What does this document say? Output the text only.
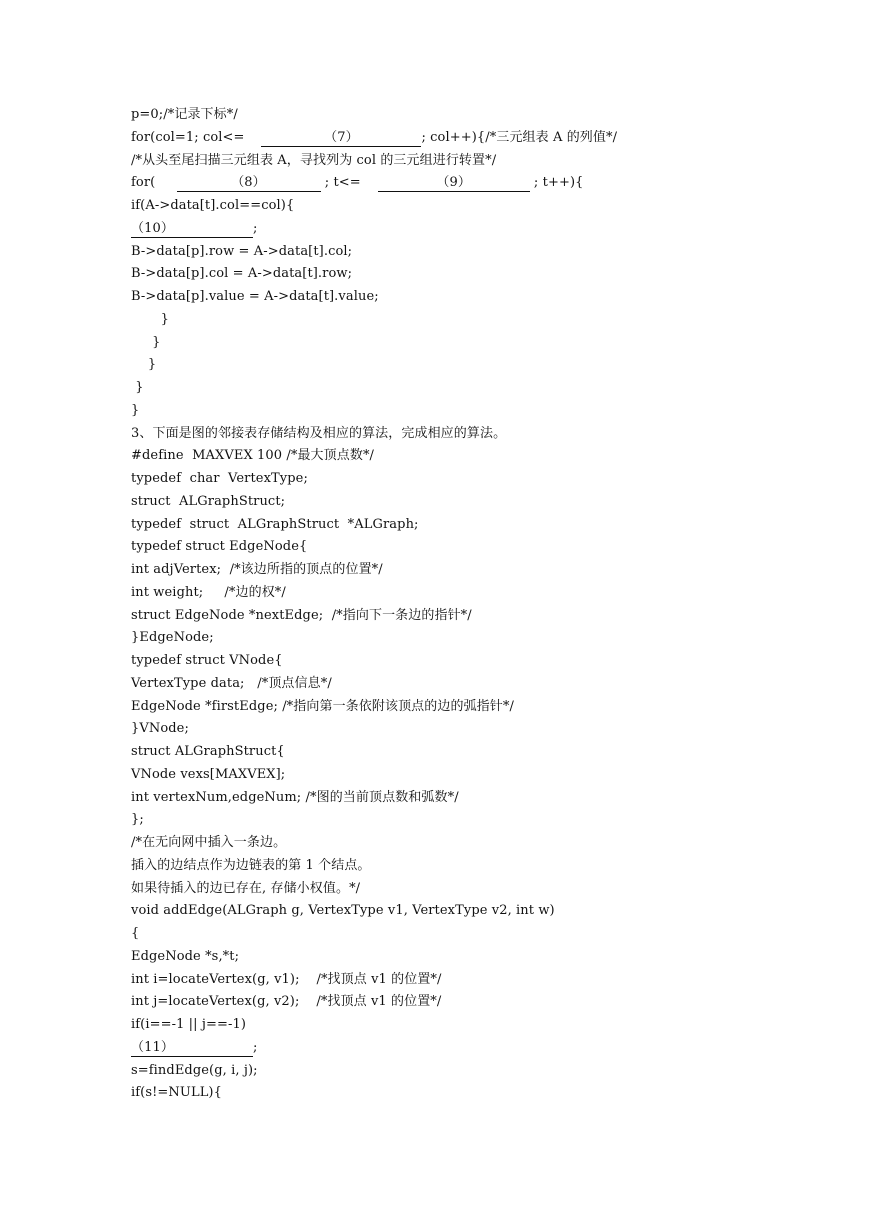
p=0;/*记录下标*/
for(col=1; col<=	（7）	; col++){/*三元组表 A 的列值*/
/*从头至尾扫描三元组表 A，寻找列为 col 的三元组进行转置*/
for(	（8）	; t<=	（9）	; t++){
if(A->data[t].col==col){
（10）	;
B->data[p].row = A->data[t].col;
B->data[p].col = A->data[t].row;
B->data[p].value = A->data[t].value;
}
}
}
}
}
3、下面是图的邻接表存储结构及相应的算法，完成相应的算法。
#define  MAXVEX 100 /*最大顶点数*/
typedef  char  VertexType;
struct  ALGraphStruct;
typedef  struct  ALGraphStruct  *ALGraph;
typedef struct EdgeNode{
int adjVertex;  /*该边所指的顶点的位置*/
int weight;     /*边的权*/
struct EdgeNode *nextEdge;  /*指向下一条边的指针*/
}EdgeNode;
typedef struct VNode{
VertexType data;   /*顶点信息*/
EdgeNode *firstEdge; /*指向第一条依附该顶点的边的弧指针*/
}VNode;
struct ALGraphStruct{
VNode vexs[MAXVEX];
int vertexNum,edgeNum; /*图的当前顶点数和弧数*/
};
/*在无向网中插入一条边。
插入的边结点作为边链表的第 1 个结点。
如果待插入的边已存在, 存储小权值。*/
void addEdge(ALGraph g, VertexType v1, VertexType v2, int w)
{
EdgeNode *s,*t;
int i=locateVertex(g, v1);    /*找顶点 v1 的位置*/
int j=locateVertex(g, v2);    /*找顶点 v1 的位置*/
if(i==-1 || j==-1)
（11）	;
s=findEdge(g, i, j);
if(s!=NULL){
